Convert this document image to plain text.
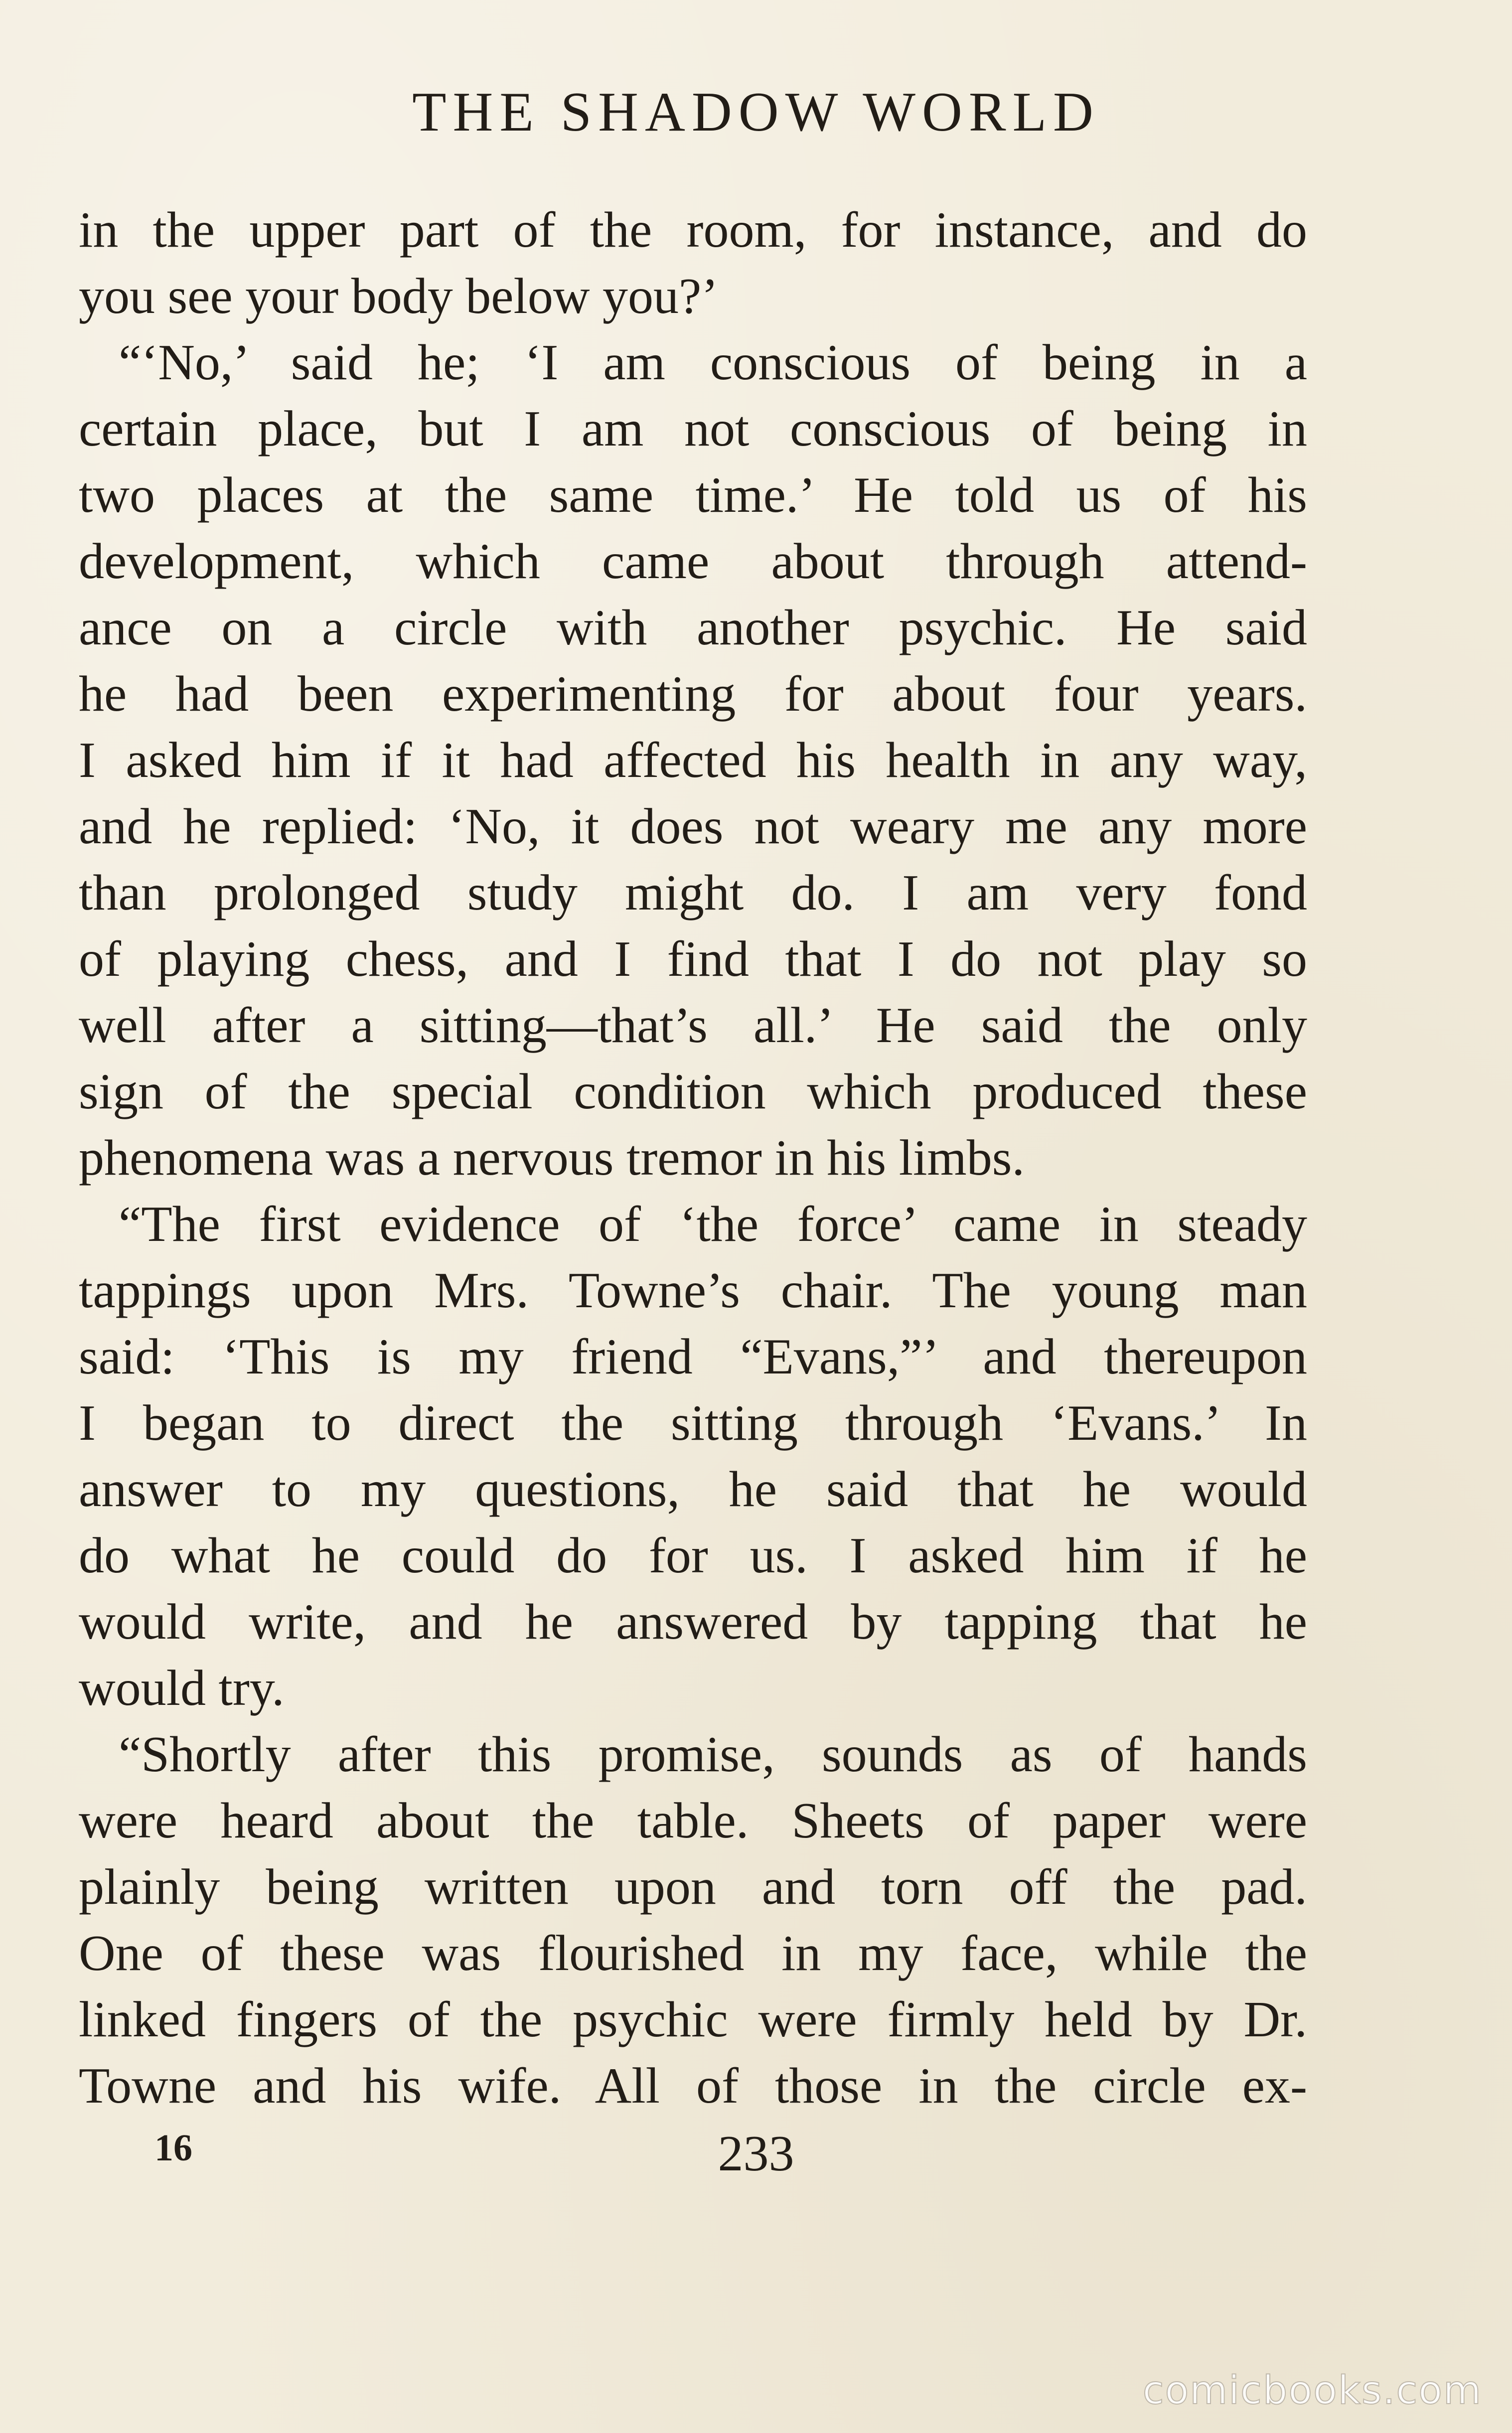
THE SHADOW WORLD
in the upper part of the room, for instance, and do
you see your body below you?’
“‘No,’ said he; ‘I am conscious of being in a
certain place, but I am not conscious of being in
two places at the same time.’ He told us of his
development, which came about through attend-
ance on a circle with another psychic. He said
he had been experimenting for about four years.
I asked him if it had affected his health in any way,
and he replied: ‘No, it does not weary me any more
than prolonged study might do. I am very fond
of playing chess, and I find that I do not play so
well after a sitting—that’s all.’ He said the only
sign of the special condition which produced these
phenomena was a nervous tremor in his limbs.
“The first evidence of ‘the force’ came in steady
tappings upon Mrs. Towne’s chair. The young man
said: ‘This is my friend “Evans,”’ and thereupon
I began to direct the sitting through ‘Evans.’ In
answer to my questions, he said that he would
do what he could do for us. I asked him if he
would write, and he answered by tapping that he
would try.
“Shortly after this promise, sounds as of hands
were heard about the table. Sheets of paper were
plainly being written upon and torn off the pad.
One of these was flourished in my face, while the
linked fingers of the psychic were firmly held by Dr.
Towne and his wife. All of those in the circle ex-
16	233
comicbooks.com
